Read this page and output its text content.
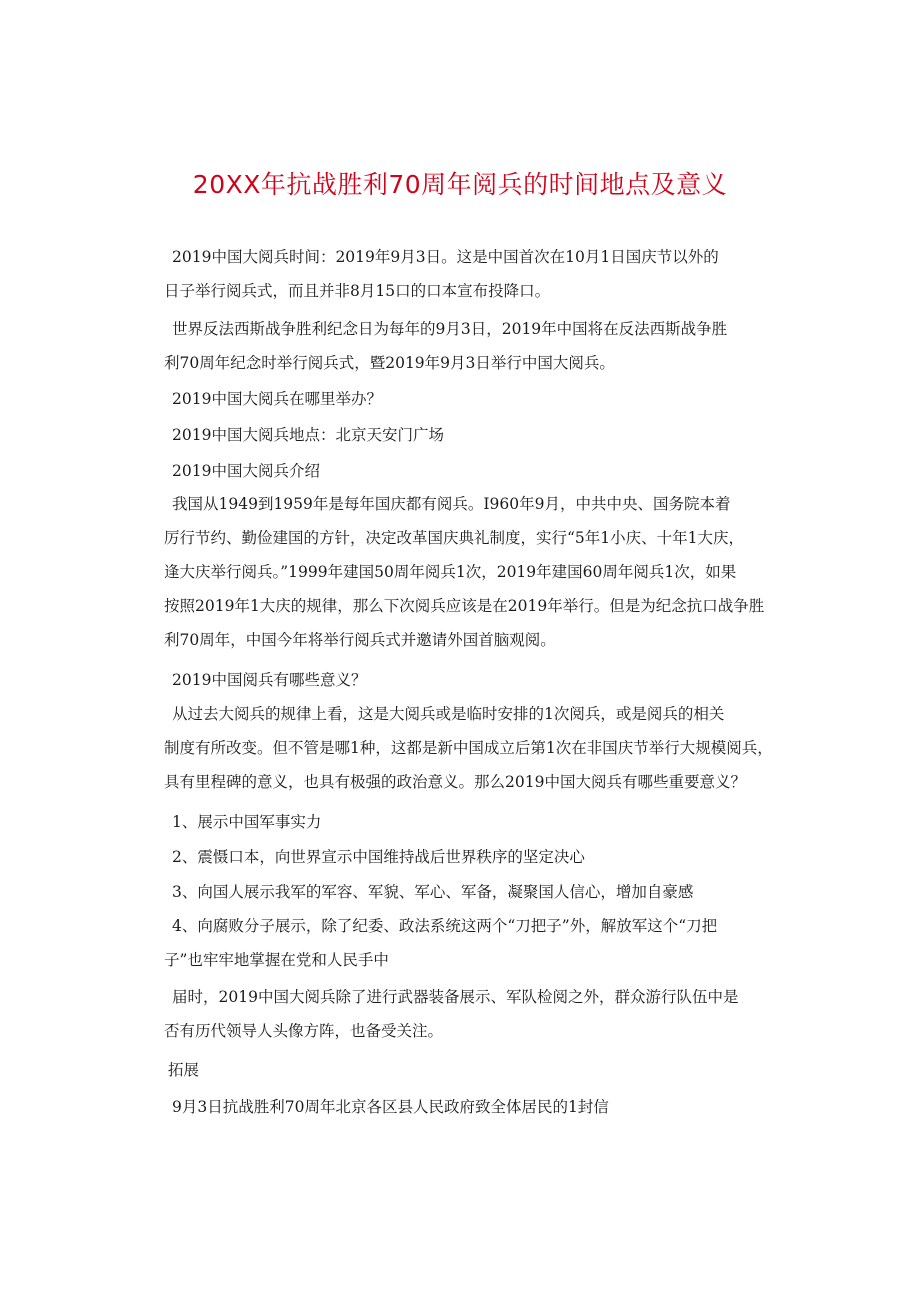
20XX年抗战胜利70周年阅兵的时间地点及意义
2019中国大阅兵时间：2019年9月3日。这是中国首次在10月1日国庆节以外的
日子举行阅兵式，而且并非8月15口的口本宣布投降口。
世界反法西斯战争胜利纪念日为每年的9月3日，2019年中国将在反法西斯战争胜
利70周年纪念时举行阅兵式，暨2019年9月3日举行中国大阅兵。
2019中国大阅兵在哪里举办？
2019中国大阅兵地点：北京天安门广场
2019中国大阅兵介绍
我国从1949到1959年是每年国庆都有阅兵。I960年9月，中共中央、国务院本着
厉行节约、勤俭建国的方针，决定改革国庆典礼制度，实行“5年1小庆、十年1大庆，
逢大庆举行阅兵。”1999年建国50周年阅兵1次，2019年建国60周年阅兵1次，如果
按照2019年1大庆的规律，那么下次阅兵应该是在2019年举行。但是为纪念抗口战争胜
利70周年，中国今年将举行阅兵式并邀请外国首脑观阅。
2019中国阅兵有哪些意义？
从过去大阅兵的规律上看，这是大阅兵或是临时安排的1次阅兵，或是阅兵的相关
制度有所改变。但不管是哪1种，这都是新中国成立后第1次在非国庆节举行大规模阅兵，
具有里程碑的意义，也具有极强的政治意义。那么2019中国大阅兵有哪些重要意义？
1、展示中国军事实力
2、震慑口本，向世界宣示中国维持战后世界秩序的坚定决心
3、向国人展示我军的军容、军貌、军心、军备，凝聚国人信心，增加自豪感
4、向腐败分子展示，除了纪委、政法系统这两个“刀把子”外，解放军这个“刀把
子”也牢牢地掌握在党和人民手中
届时，2019中国大阅兵除了进行武器装备展示、军队检阅之外，群众游行队伍中是
否有历代领导人头像方阵，也备受关注。
拓展
9月3日抗战胜利70周年北京各区县人民政府致全体居民的1封信
